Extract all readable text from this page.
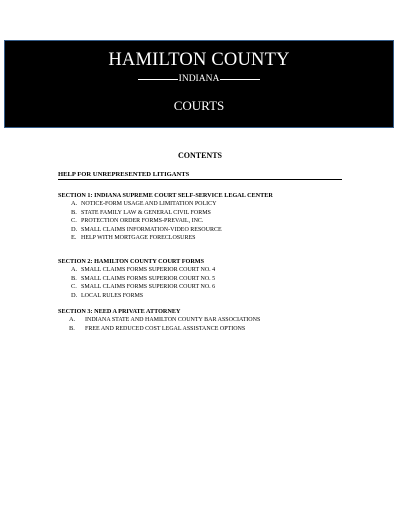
HAMILTON COUNTY
INDIANA
COURTS
CONTENTS
HELP FOR UNREPRESENTED LITIGANTS
SECTION 1: INDIANA SUPREME COURT SELF-SERVICE LEGAL CENTER
A. NOTICE-FORM USAGE AND LIMITATION POLICY
B. STATE FAMILY LAW & GENERAL CIVIL FORMS
C. PROTECTION ORDER FORMS-PREVAIL, INC.
D. SMALL CLAIMS INFORMATION-VIDEO RESOURCE
E. HELP WITH MORTGAGE FORECLOSURES
SECTION 2: HAMILTON COUNTY COURT FORMS
A. SMALL CLAIMS FORMS SUPERIOR COURT NO. 4
B. SMALL CLAIMS FORMS SUPERIOR COURT NO. 5
C. SMALL CLAIMS FORMS SUPERIOR COURT NO. 6
D. LOCAL RULES FORMS
SECTION 3: NEED A PRIVATE ATTORNEY
A. INDIANA STATE AND HAMILTON COUNTY BAR ASSOCIATIONS
B. FREE AND REDUCED COST LEGAL ASSISTANCE OPTIONS
